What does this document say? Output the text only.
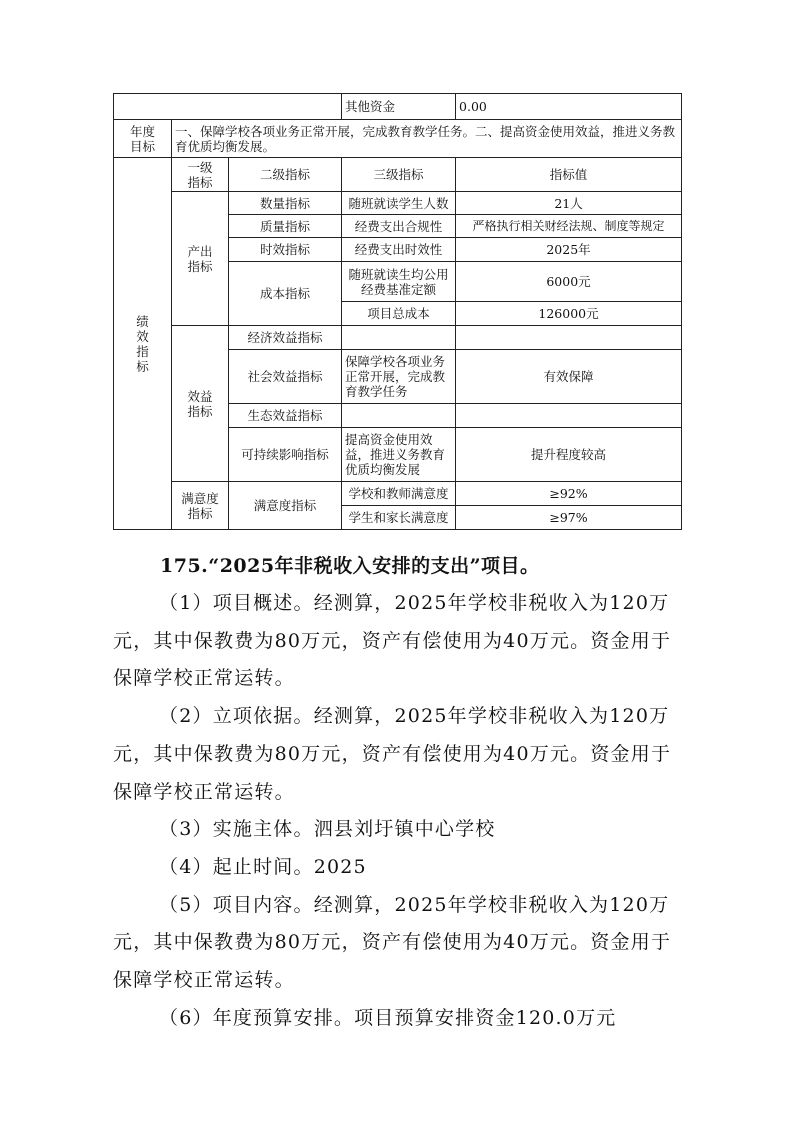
			其他资金	0.00
年度目标	一、保障学校各项业务正常开展，完成教育教学任务。二、提高资金使用效益，推进义务教育优质均衡发展。			
绩效指标	一级指标	二级指标	三级指标	指标值
	产出指标	数量指标	随班就读学生人数	21人
		质量指标	经费支出合规性	严格执行相关财经法规、制度等规定
		时效指标	经费支出时效性	2025年
		成本指标	随班就读生均公用经费基准定额	6000元
			项目总成本	126000元
	效益指标	经济效益指标		
		社会效益指标	保障学校各项业务正常开展，完成教育教学任务	有效保障
		生态效益指标		
		可持续影响指标	提高资金使用效益，推进义务教育优质均衡发展	提升程度较高
	满意度指标	满意度指标	学校和教师满意度	≥92%
			学生和家长满意度	≥97%
175.“2025年非税收入安排的支出”项目。

（1）项目概述。经测算，2025年学校非税收入为120万元，其中保教费为80万元，资产有偿使用为40万元。资金用于保障学校正常运转。

（2）立项依据。经测算，2025年学校非税收入为120万元，其中保教费为80万元，资产有偿使用为40万元。资金用于保障学校正常运转。

（3）实施主体。泗县刘圩镇中心学校

（4）起止时间。2025

（5）项目内容。经测算，2025年学校非税收入为120万元，其中保教费为80万元，资产有偿使用为40万元。资金用于保障学校正常运转。

（6）年度预算安排。项目预算安排资金120.0万元
